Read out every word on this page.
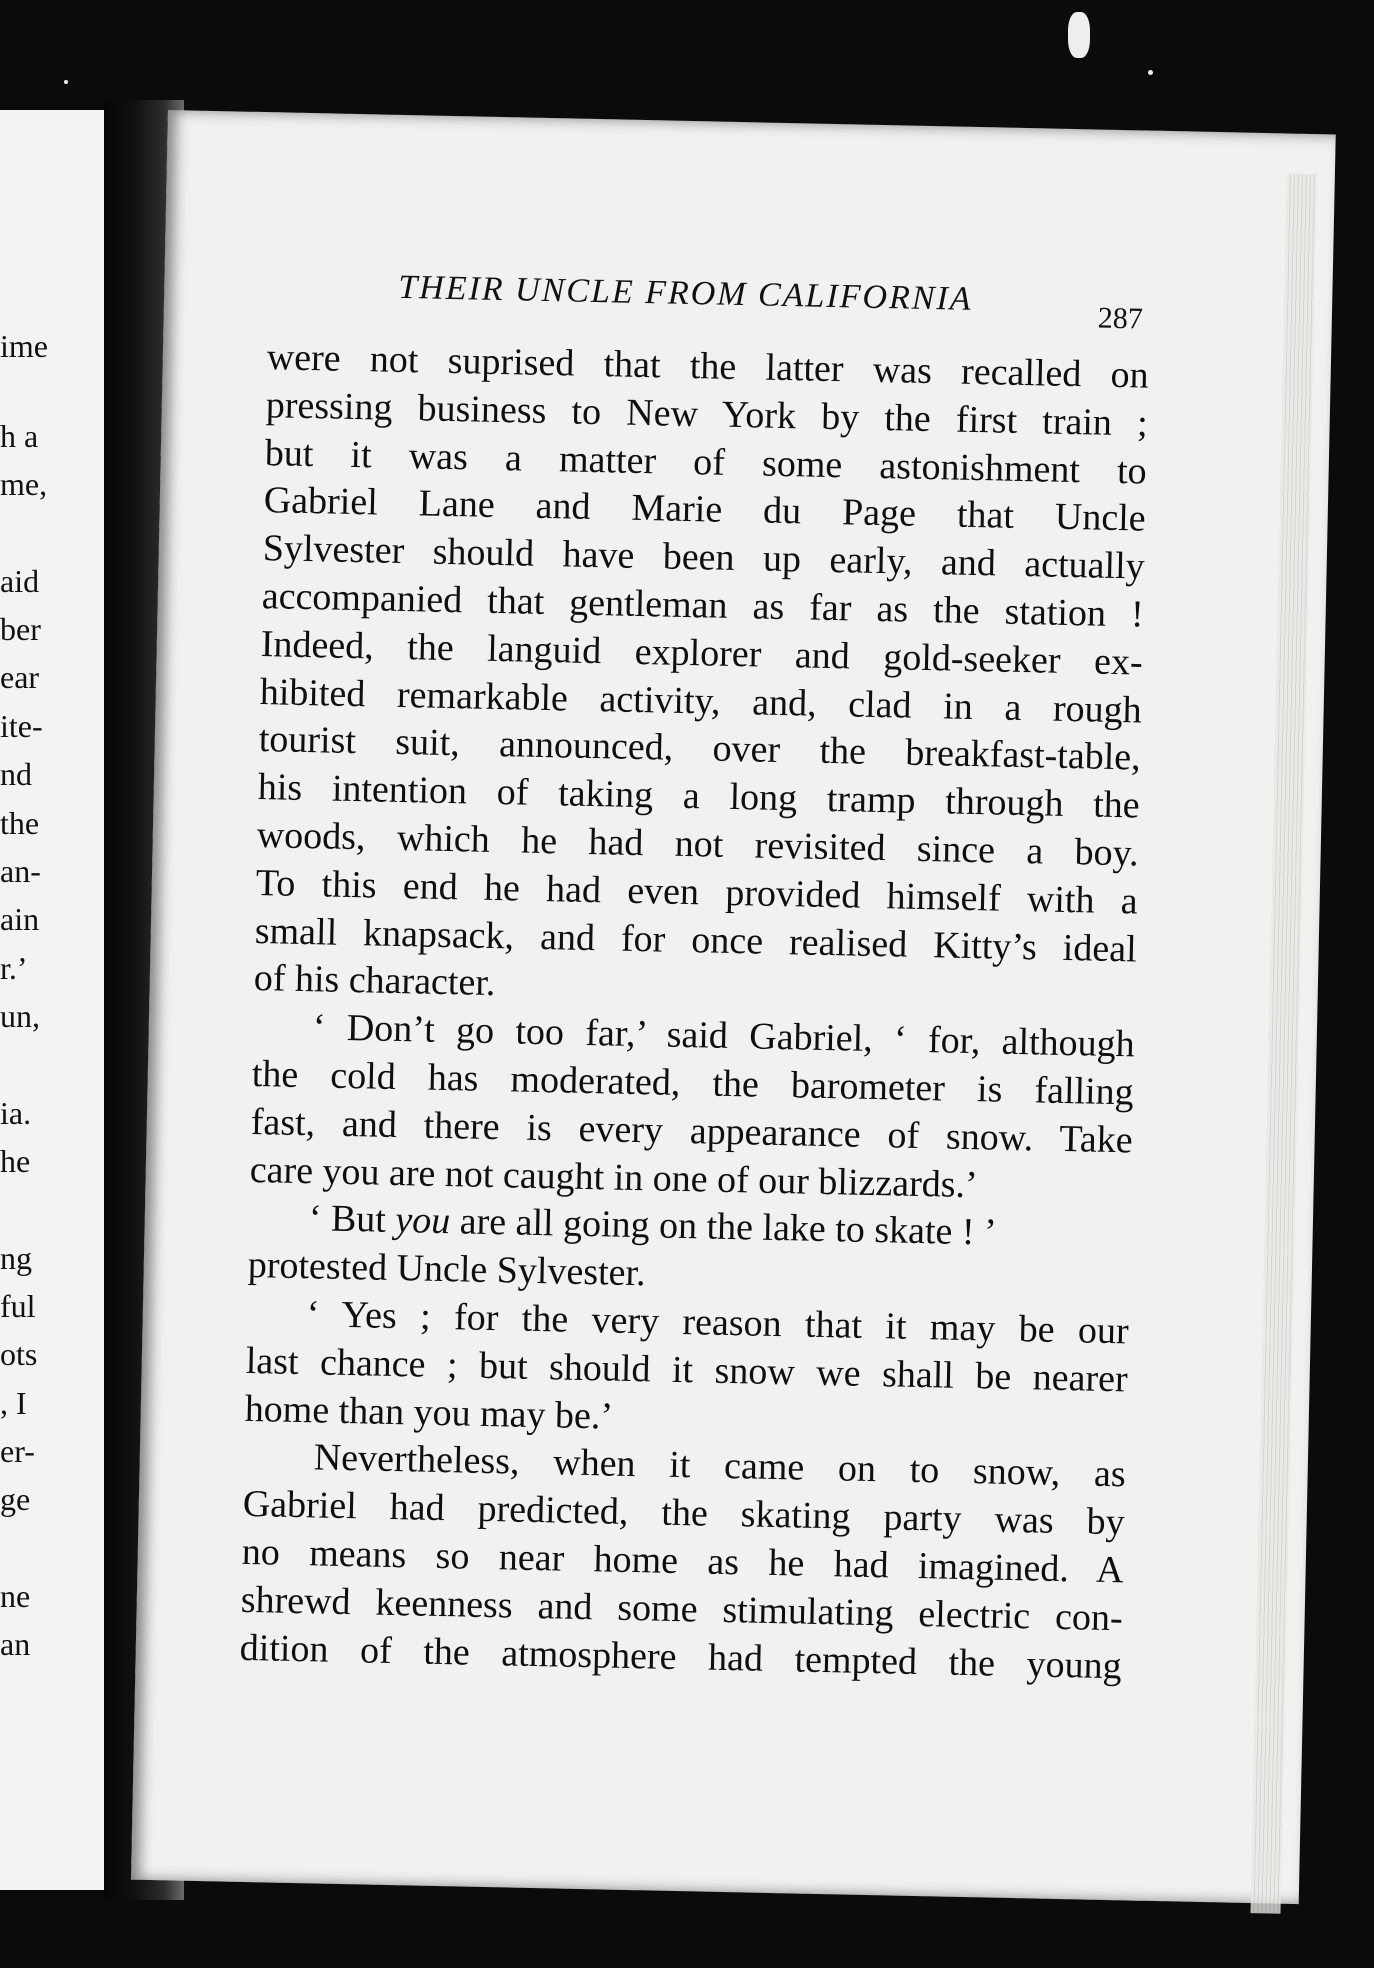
ime
h a
me,
aid
ber
ear
ite-
nd
the
an-
ain
r.’
un,
ia.
he
ng
ful
ots
, I
er-
ge
ne
an
THEIR UNCLE FROM CALIFORNIA
287
were not suprised that the latter was recalled on
pressing business to New York by the first train ;
but it was a matter of some astonishment to
Gabriel Lane and Marie du Page that Uncle
Sylvester should have been up early, and actually
accompanied that gentleman as far as the station !
Indeed, the languid explorer and gold-seeker ex-
hibited remarkable activity, and, clad in a rough
tourist suit, announced, over the breakfast-table,
his intention of taking a long tramp through the
woods, which he had not revisited since a boy.
To this end he had even provided himself with a
small knapsack, and for once realised Kitty’s ideal
of his character.
‘ Don’t go too far,’ said Gabriel, ‘ for, although
the cold has moderated, the barometer is falling
fast, and there is every appearance of snow. Take
care you are not caught in one of our blizzards.’
‘ But you are all going on the lake to skate ! ’
protested Uncle Sylvester.
‘ Yes ; for the very reason that it may be our
last chance ; but should it snow we shall be nearer
home than you may be.’
Nevertheless, when it came on to snow, as
Gabriel had predicted, the skating party was by
no means so near home as he had imagined. A
shrewd keenness and some stimulating electric con-
dition of the atmosphere had tempted the young
